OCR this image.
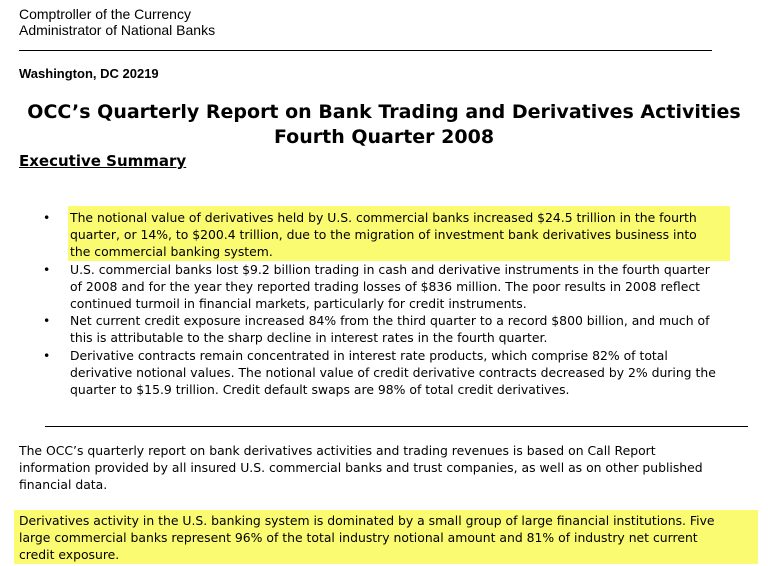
Comptroller of the Currency
Administrator of National Banks
Washington, DC 20219
OCC’s Quarterly Report on Bank Trading and Derivatives Activities
Fourth Quarter 2008
Executive Summary
• The notional value of derivatives held by U.S. commercial banks increased $24.5 trillion in the fourth
quarter, or 14%, to $200.4 trillion, due to the migration of investment bank derivatives business into
the commercial banking system.
• U.S. commercial banks lost $9.2 billion trading in cash and derivative instruments in the fourth quarter
of 2008 and for the year they reported trading losses of $836 million. The poor results in 2008 reflect
continued turmoil in financial markets, particularly for credit instruments.
• Net current credit exposure increased 84% from the third quarter to a record $800 billion, and much of
this is attributable to the sharp decline in interest rates in the fourth quarter.
• Derivative contracts remain concentrated in interest rate products, which comprise 82% of total
derivative notional values. The notional value of credit derivative contracts decreased by 2% during the
quarter to $15.9 trillion. Credit default swaps are 98% of total credit derivatives.
The OCC’s quarterly report on bank derivatives activities and trading revenues is based on Call Report
information provided by all insured U.S. commercial banks and trust companies, as well as on other published
financial data.
Derivatives activity in the U.S. banking system is dominated by a small group of large financial institutions. Five
large commercial banks represent 96% of the total industry notional amount and 81% of industry net current
credit exposure.
